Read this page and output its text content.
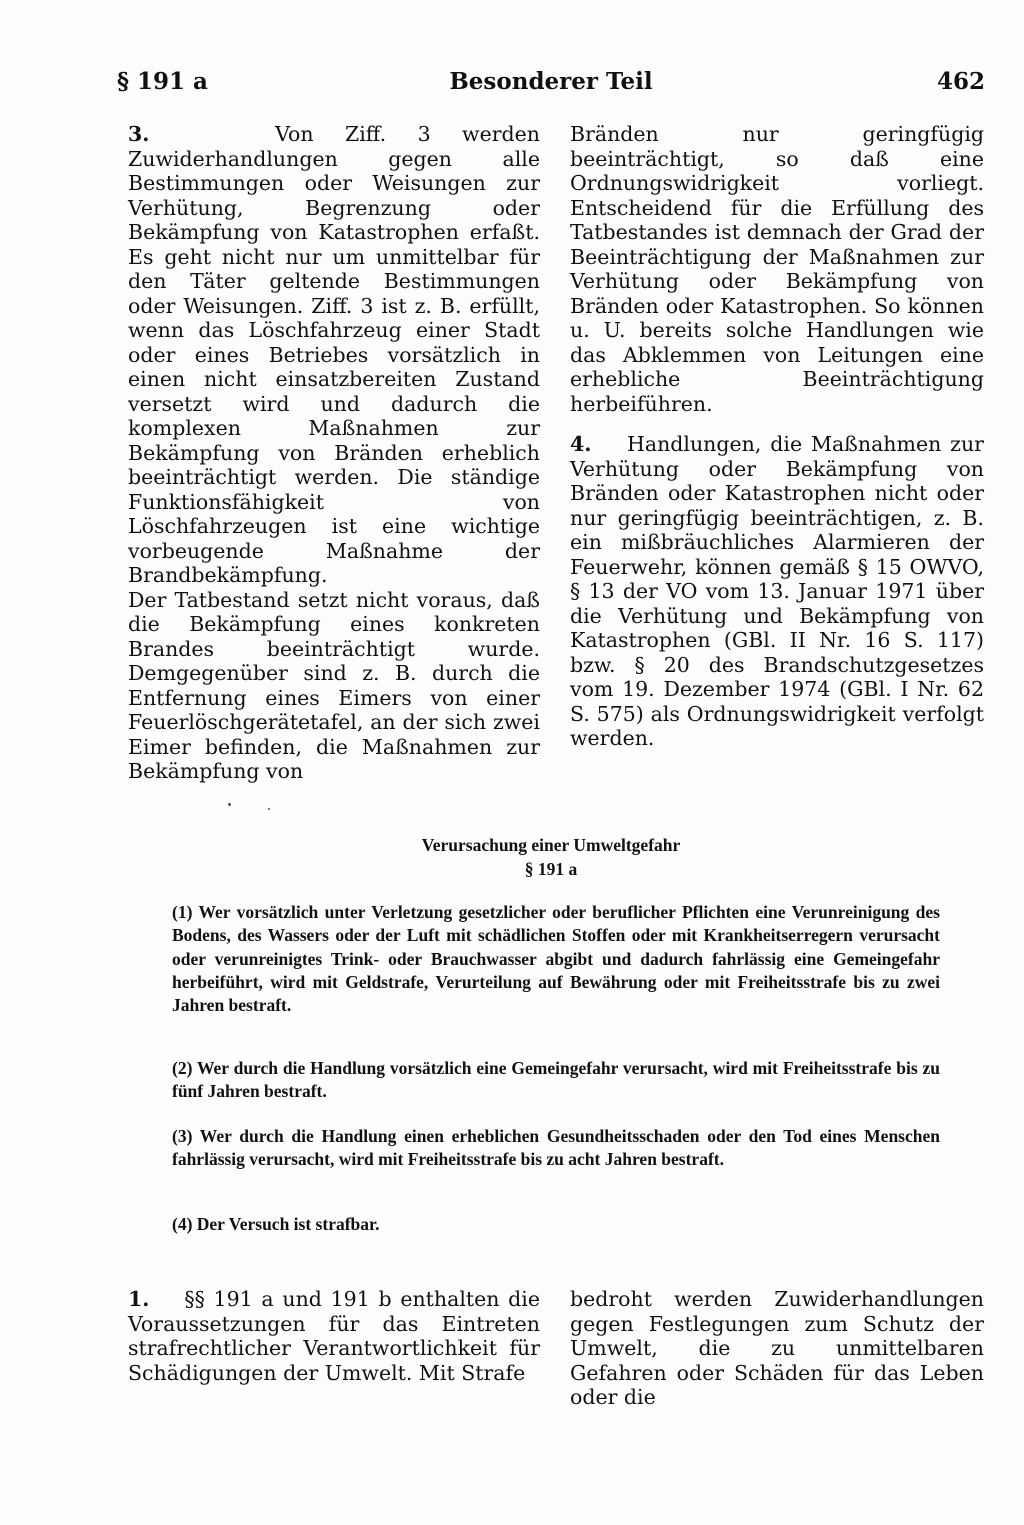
§ 191 a	Besonderer Teil	462

3.	Von Ziff. 3 werden Zuwiderhandlungen gegen alle Bestimmungen oder Weisungen zur Verhütung, Begrenzung oder Bekämpfung von Katastrophen erfaßt. Es geht nicht nur um unmittelbar für den Täter geltende Bestimmungen oder Weisungen. Ziff. 3 ist z. B. erfüllt, wenn das Löschfahrzeug einer Stadt oder eines Betriebes vorsätzlich in einen nicht einsatzbereiten Zustand versetzt wird und dadurch die komplexen Maßnahmen zur Bekämpfung von Bränden erheblich beeinträchtigt werden. Die ständige Funktionsfähigkeit von Löschfahrzeugen ist eine wichtige vorbeugende Maßnahme der Brandbekämpfung.

Der Tatbestand setzt nicht voraus, daß die Bekämpfung eines konkreten Brandes beeinträchtigt wurde. Demgegenüber sind z. B. durch die Entfernung eines Eimers von einer Feuerlöschgerätetafel, an der sich zwei Eimer befinden, die Maßnahmen zur Bekämpfung von

Bränden nur geringfügig beeinträchtigt, so daß eine Ordnungswidrigkeit vorliegt. Entscheidend für die Erfüllung des Tatbestandes ist demnach der Grad der Beeinträchtigung der Maßnahmen zur Verhütung oder Bekämpfung von Bränden oder Katastrophen. So können u. U. bereits solche Handlungen wie das Abklemmen von Leitungen eine erhebliche Beeinträchtigung herbeiführen.

4. Handlungen, die Maßnahmen zur Verhütung oder Bekämpfung von Bränden oder Katastrophen nicht oder nur geringfügig beeinträchtigen, z. B. ein mißbräuchliches Alarmieren der Feuerwehr, können gemäß § 15 OWVO, § 13 der VO vom 13. Januar 1971 über die Verhütung und Bekämpfung von Katastrophen (GBl. II Nr. 16 S. 117) bzw. § 20 des Brandschutzgesetzes vom 19. Dezember 1974 (GBl. I Nr. 62 S. 575) als Ordnungswidrigkeit verfolgt werden.

Verursachung einer Umweltgefahr
§ 191 a
(1) Wer vorsätzlich unter Verletzung gesetzlicher oder beruflicher Pflichten eine Verunreinigung des Bodens, des Wassers oder der Luft mit schädlichen Stoffen oder mit Krankheitserregern verursacht oder verunreinigtes Trink- oder Brauchwasser abgibt und dadurch fahrlässig eine Gemeingefahr herbeiführt, wird mit Geldstrafe, Verurteilung auf Bewährung oder mit Freiheitsstrafe bis zu zwei Jahren bestraft.
(2) Wer durch die Handlung vorsätzlich eine Gemeingefahr verursacht, wird mit Freiheitsstrafe bis zu fünf Jahren bestraft.
(3) Wer durch die Handlung einen erheblichen Gesundheitsschaden oder den Tod eines Menschen fahrlässig verursacht, wird mit Freiheitsstrafe bis zu acht Jahren bestraft.
(4) Der Versuch ist strafbar.

1. §§ 191 a und 191 b enthalten die Voraussetzungen für das Eintreten strafrechtlicher Verantwortlichkeit für Schädigungen der Umwelt. Mit Strafe

bedroht werden Zuwiderhandlungen gegen Festlegungen zum Schutz der Umwelt, die zu unmittelbaren Gefahren oder Schäden für das Leben oder die
